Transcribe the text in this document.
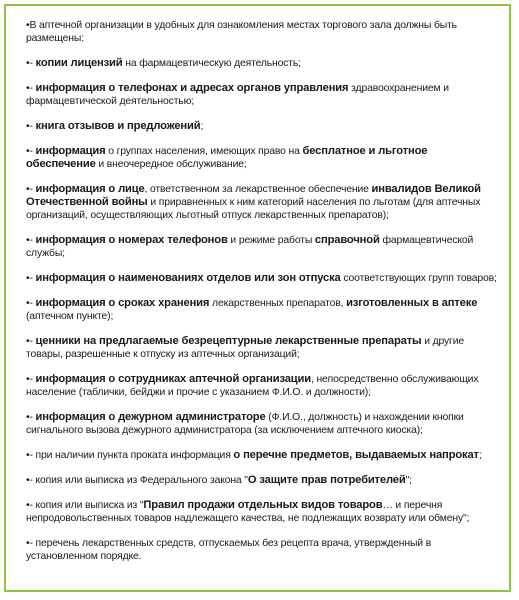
•В аптечной организации в удобных для ознакомления местах торгового зала должны быть размещены:
•- копии лицензий на фармацевтическую деятельность;
•- информация о телефонах и адресах органов управления здравоохранением и фармацевтической деятельностью;
•- книга отзывов и предложений;
•- информация о группах населения, имеющих право на бесплатное и льготное обеспечение и внеочередное обслуживание;
•- информация о лице, ответственном за лекарственное обеспечение инвалидов Великой Отечественной войны и приравненных к ним категорий населения по льготам (для аптечных организаций, осуществляющих льготный отпуск лекарственных препаратов);
•- информация о номерах телефонов и режиме работы справочной фармацевтической службы;
•- информация о наименованиях отделов или зон отпуска соответствующих групп товаров;
•- информация о сроках хранения лекарственных препаратов, изготовленных в аптеке (аптечном пункте);
•- ценники на предлагаемые безрецептурные лекарственные препараты и другие товары, разрешенные к отпуску из аптечных организаций;
•- информация о сотрудниках аптечной организации, непосредственно обслуживающих население (таблички, бейджи и прочие с указанием Ф.И.О. и должности);
•- информация о дежурном администраторе (Ф.И.О., должность) и нахождении кнопки сигнального вызова дежурного администратора (за исключением аптечного киоска);
•- при наличии пункта проката информация о перечне предметов, выдаваемых напрокат;
•- копия или выписка из Федерального закона "О защите прав потребителей";
•- копия или выписка из "Правил продажи отдельных видов товаров… и перечня непродовольственных товаров надлежащего качества, не подлежащих возврату или обмену";
•- перечень лекарственных средств, отпускаемых без рецепта врача, утвержденный в установленном порядке.
